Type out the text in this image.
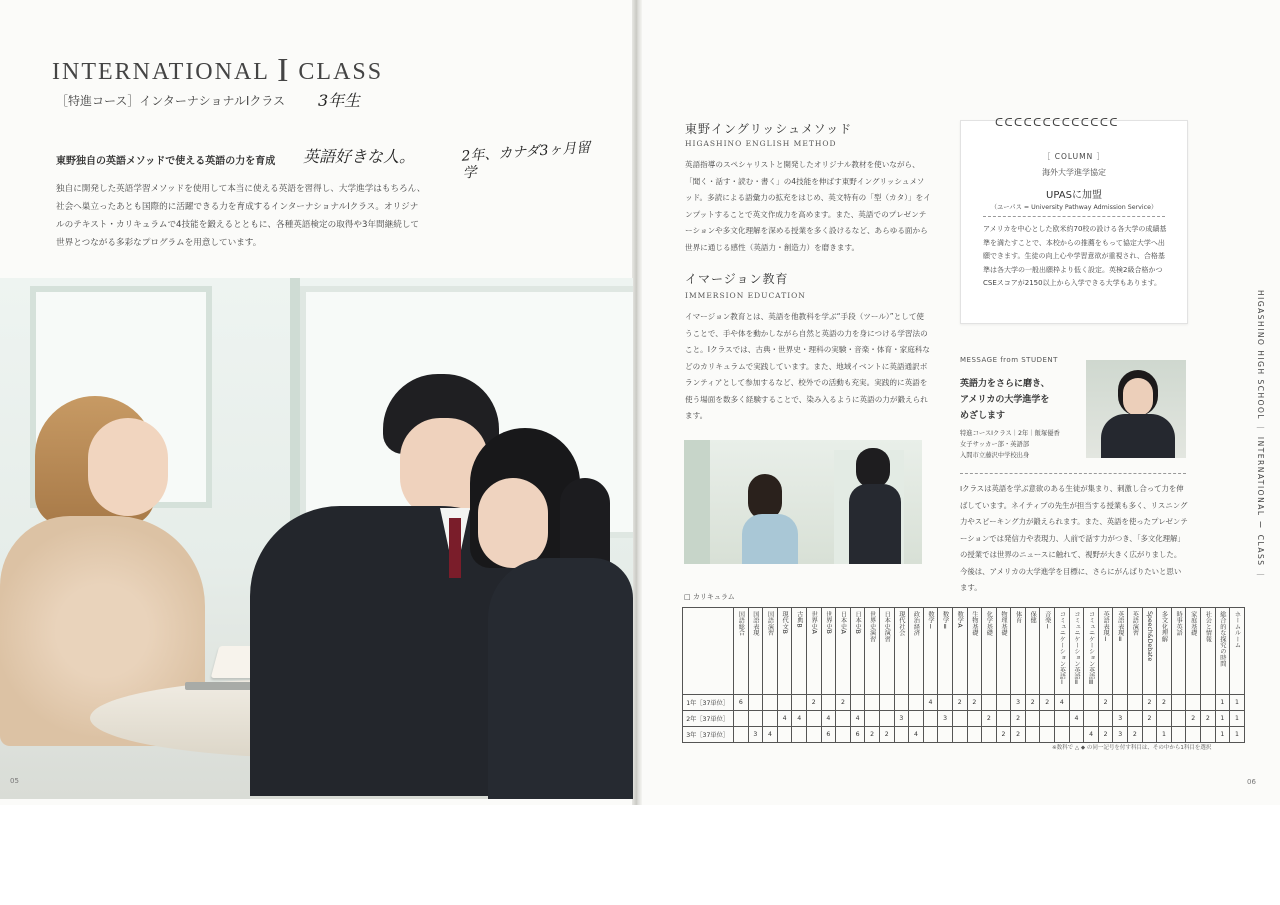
INTERNATIONAL I CLASS
［特進コース］インターナショナルⅠクラス 3年生
東野独自の英語メソッドで使える英語の力を育成 英語好きな人。	2年、カナダ3ヶ月留学
独自に開発した英語学習メソッドを使用して本当に使える英語を習得し、大学進学はもちろん、社会へ巣立ったあとも国際的に活躍できる力を育成するインターナショナルⅠクラス。オリジナルのテキスト・カリキュラムで4技能を鍛えるとともに、各種英語検定の取得や3年間継続して世界とつながる多彩なプログラムを用意しています。
05
東野イングリッシュメソッド
HIGASHINO ENGLISH METHOD
英語指導のスペシャリストと開発したオリジナル教材を使いながら、「聞く・話す・読む・書く」の4技能を伸ばす東野イングリッシュメソッド。多読による語彙力の拡充をはじめ、英文特有の「型（カタ）」をインプットすることで英文作成力を高めます。また、英語でのプレゼンテーションや多文化理解を深める授業を多く設けるなど、あらゆる面から世界に通じる感性（英語力・創造力）を磨きます。
イマージョン教育
IMMERSION EDUCATION
イマージョン教育とは、英語を他教科を学ぶ“手段（ツール）”として使うことで、手や体を動かしながら自然と英語の力を身につける学習法のこと。Ⅰクラスでは、古典・世界史・理科の実験・音楽・体育・家庭科などのカリキュラムで実践しています。また、地域イベントに英語通訳ボランティアとして参加するなど、校外での活動も充実。実践的に英語を使う場面を数多く経験することで、染み入るように英語の力が鍛えられます。
ᑕᑕᑕᑕᑕᑕᑕᑕᑕᑕᑕᑕᑕ
［ COLUMN ］
海外大学進学協定
UPASに加盟
（ユーパス = University Pathway Admission Service）
アメリカを中心とした欧米約70校の設ける各大学の成績基準を満たすことで、本校からの推薦をもって協定大学へ出願できます。生徒の向上心や学習意欲が重視され、合格基準は各大学の一般出願枠より低く設定。英検2級合格かつCSEスコアが2150以上から入学できる大学もあります。
MESSAGE from STUDENT
英語力をさらに磨き、アメリカの大学進学をめざします
特進コースⅠクラス｜2年｜飯塚優香
女子サッカー部・英語部
入間市立藤沢中学校出身
Ⅰクラスは英語を学ぶ意欲のある生徒が集まり、刺激し合って力を伸ばしています。ネイティブの先生が担当する授業も多く、リスニング力やスピーキング力が鍛えられます。また、英語を使ったプレゼンテーションでは発信力や表現力、人前で話す力がつき、「多文化理解」の授業では世界のニュースに触れて、視野が大きく広がりました。今後は、アメリカの大学進学を目標に、さらにがんばりたいと思います。
HIGASHINO HIGH SCHOOL ｜ INTERNATIONAL Ⅰ CLASS ｜
06
□ カリキュラム
	国語総合	国語表現	国語演習	現代文B	古典B	世界史A	世界史B	日本史A	日本史B	世界史演習	日本史演習	現代社会	政治経済	数学Ⅰ	数学Ⅱ	数学A	生物基礎	化学基礎	物理基礎	体育	保健	音楽Ⅰ	コミュニケーション英語Ⅰ	コミュニケーション英語Ⅱ	コミュニケーション英語Ⅲ	英語表現Ⅰ	英語表現Ⅱ	英語演習	Speech&Debate	多文化理解	時事英語	家庭基礎	社会と情報	総合的な探究の時間	ホームルーム
1年［37単位］	6					2		2						4		2	2			3	2	2	4			2			2	2				1	1
2年［37単位］				4	4		4		4			3			3			2		2				4			3		2			2	2	1	1
3年［37単位］		3	4				6		6	2	2		4						2	2					4	2	3	2		1				1	1
※数科で △ ◆ の同一記号を付す科目は、その中から1科目を選択
